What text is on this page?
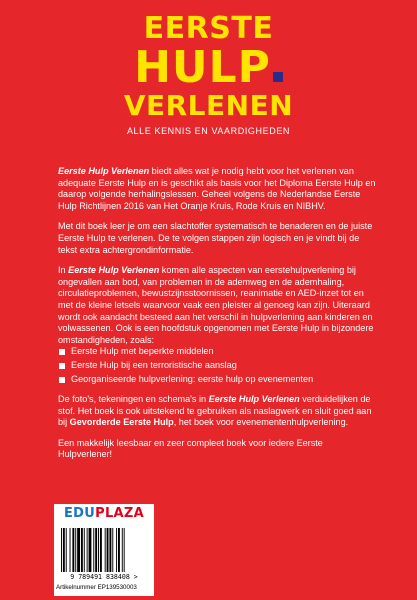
EERSTE
HULP
VERLENEN
ALLE KENNIS EN VAARDIGHEDEN

Eerste Hulp Verlenen biedt alles wat je nodig hebt voor het verlenen van adequate Eerste Hulp en is geschikt als basis voor het Diploma Eerste Hulp en daarop volgende herhalingslessen. Geheel volgens de Nederlandse Eerste Hulp Richtlijnen 2016 van Het Oranje Kruis, Rode Kruis en NIBHV.

Met dit boek leer je om een slachtoffer systematisch te benaderen en de juiste Eerste Hulp te verlenen. De te volgen stappen zijn logisch en je vindt bij de tekst extra achtergrondinformatie.

In Eerste Hulp Verlenen komen alle aspecten van eerstehulpverlening bij ongevallen aan bod, van problemen in de ademweg en de ademhaling, circulatieproblemen, bewustzijnsstoornissen, reanimatie en AED-inzet tot en met de kleine letsels waarvoor vaak een pleister al genoeg kan zijn. Uiteraard wordt ook aandacht besteed aan het verschil in hulpverlening aan kinderen en volwassenen. Ook is een hoofdstuk opgenomen met Eerste Hulp in bijzondere omstandigheden, zoals:

Eerste Hulp met beperkte middelen
Eerste Hulp bij een terroristische aanslag
Georganiseerde hulpverlening: eerste hulp op evenementen

De foto's, tekeningen en schema's in Eerste Hulp Verlenen verduidelijken de stof. Het boek is ook uitstekend te gebruiken als naslagwerk en sluit goed aan bij Gevorderde Eerste Hulp, het boek voor evenementenhulpverlening.

Een makkelijk leesbaar en zeer compleet boek voor iedere Eerste Hulpverlener!

EDUPLAZA
9 789491 838408 >
Artikelnummer EP139530003
